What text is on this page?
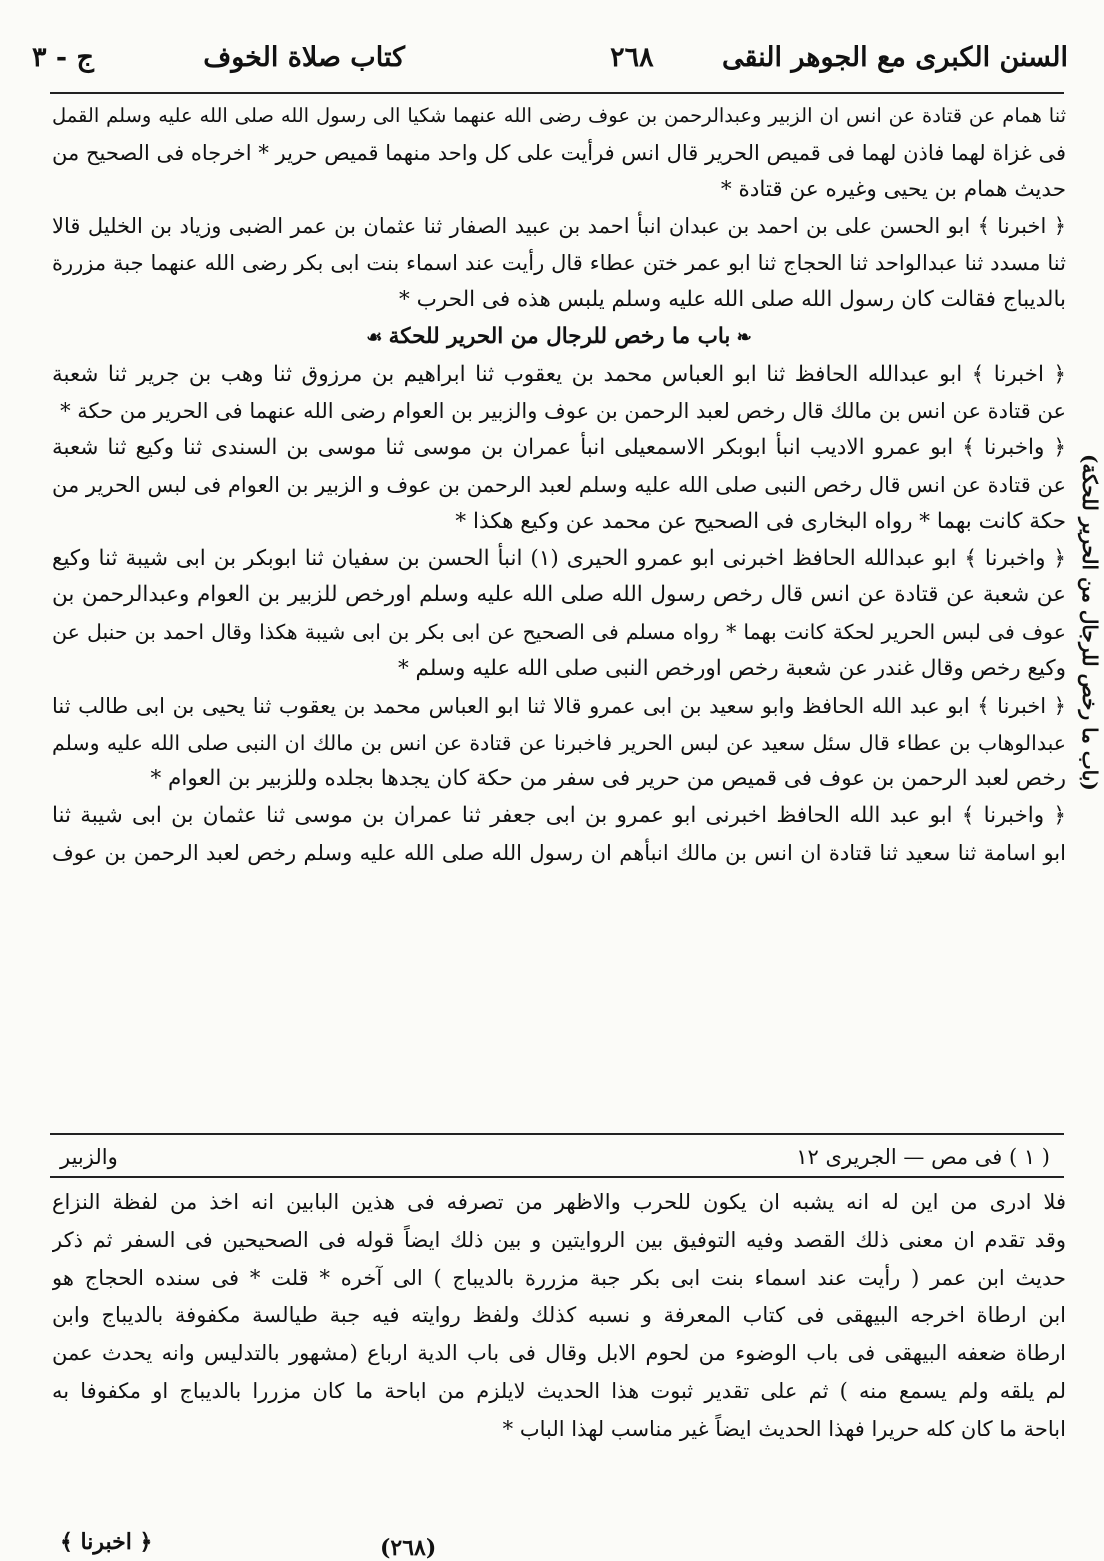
السنن الكبرى مع الجوهر النقى
٢٦٨
كتاب صلاة الخوف
ج - ٣
ثنا همام عن قتادة عن انس ان الزبير وعبدالرحمن بن عوف رضى الله عنهما شكيا الى رسول الله صلى الله عليه وسلم القمل
فى غزاة لهما فاذن لهما فى قميص الحرير قال انس فرأيت على كل واحد منهما قميص حرير * اخرجاه فى الصحيح من
حديث همام بن يحيى وغيره عن قتادة *
﴿ اخبرنا ﴾ ابو الحسن على بن احمد بن عبدان انبأ احمد بن عبيد الصفار ثنا عثمان بن عمر الضبى وزياد بن الخليل قالا
ثنا مسدد ثنا عبدالواحد ثنا الحجاج ثنا ابو عمر ختن عطاء قال رأيت عند اسماء بنت ابى بكر رضى الله عنهما جبة مزررة
بالديباج فقالت كان رسول الله صلى الله عليه وسلم يلبس هذه فى الحرب *
❧ باب ما رخص للرجال من الحرير للحكة ☙
﴿ اخبرنا ﴾ ابو عبدالله الحافظ ثنا ابو العباس محمد بن يعقوب ثنا ابراهيم بن مرزوق ثنا وهب بن جرير ثنا شعبة
عن قتادة عن انس بن مالك قال رخص لعبد الرحمن بن عوف والزبير بن العوام رضى الله عنهما فى الحرير من حكة *
﴿ واخبرنا ﴾ ابو عمرو الاديب انبأ ابوبكر الاسمعيلى انبأ عمران بن موسى ثنا موسى بن السندى ثنا وكيع ثنا شعبة
عن قتادة عن انس قال رخص النبى صلى الله عليه وسلم لعبد الرحمن بن عوف و الزبير بن العوام فى لبس الحرير من
حكة كانت بهما * رواه البخارى فى الصحيح عن محمد عن وكيع هكذا *
﴿ واخبرنا ﴾ ابو عبدالله الحافظ اخبرنى ابو عمرو الحيرى (١) انبأ الحسن بن سفيان ثنا ابوبكر بن ابى شيبة ثنا وكيع
عن شعبة عن قتادة عن انس قال رخص رسول الله صلى الله عليه وسلم اورخص للزبير بن العوام وعبدالرحمن بن
عوف فى لبس الحرير لحكة كانت بهما * رواه مسلم فى الصحيح عن ابى بكر بن ابى شيبة هكذا وقال احمد بن حنبل عن
وكيع رخص وقال غندر عن شعبة رخص اورخص النبى صلى الله عليه وسلم *
﴿ اخبرنا ﴾ ابو عبد الله الحافظ وابو سعيد بن ابى عمرو قالا ثنا ابو العباس محمد بن يعقوب ثنا يحيى بن ابى طالب ثنا
عبدالوهاب بن عطاء قال سئل سعيد عن لبس الحرير فاخبرنا عن قتادة عن انس بن مالك ان النبى صلى الله عليه وسلم
رخص لعبد الرحمن بن عوف فى قميص من حرير فى سفر من حكة كان يجدها بجلده وللزبير بن العوام *
﴿ واخبرنا ﴾ ابو عبد الله الحافظ اخبرنى ابو عمرو بن ابى جعفر ثنا عمران بن موسى ثنا عثمان بن ابى شيبة ثنا
ابو اسامة ثنا سعيد ثنا قتادة ان انس بن مالك انبأهم ان رسول الله صلى الله عليه وسلم رخص لعبد الرحمن بن عوف
(باب ما رخص للرجال من الحرير للحكة)
( ١ ) فى مص — الجريرى ١٢
والزبير
فلا ادرى من اين له انه يشبه ان يكون للحرب والاظهر من تصرفه فى هذين البابين انه اخذ من لفظة النزاع
وقد تقدم ان معنى ذلك القصد وفيه التوفيق بين الروايتين و بين ذلك ايضاً قوله فى الصحيحين فى السفر ثم ذكر
حديث ابن عمر ( رأيت عند اسماء بنت ابى بكر جبة مزررة بالديباج ) الى آخره * قلت * فى سنده الحجاج هو
ابن ارطاة اخرجه البيهقى فى كتاب المعرفة و نسبه كذلك ولفظ روايته فيه جبة طيالسة مكفوفة بالديباج وابن
ارطاة ضعفه البيهقى فى باب الوضوء من لحوم الابل وقال فى باب الدية ارباع (مشهور بالتدليس وانه يحدث عمن
لم يلقه ولم يسمع منه ) ثم على تقدير ثبوت هذا الحديث لايلزم من اباحة ما كان مزررا بالديباج او مكفوفا به
اباحة ما كان كله حريرا فهذا الحديث ايضاً غير مناسب لهذا الباب *
﴿ اخبرنا ﴾	(٢٦٨)
